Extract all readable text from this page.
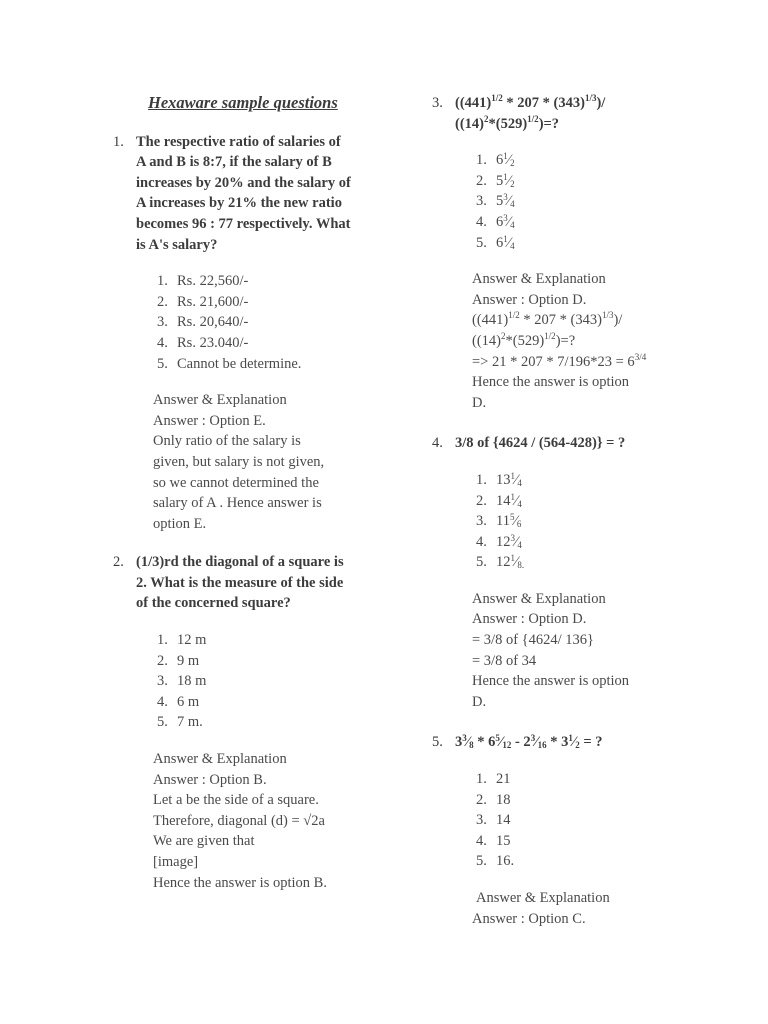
Hexaware sample questions
1. The respective ratio of salaries of
A and B is 8:7, if the salary of B
increases by 20% and the salary of
A increases by 21% the new ratio
becomes 96 : 77 respectively. What
is A's salary?
1. Rs. 22,560/-
2. Rs. 21,600/-
3. Rs. 20,640/-
4. Rs. 23.040/-
5. Cannot be determine.
Answer & Explanation
Answer : Option E.
Only ratio of the salary is
given, but salary is not given,
so we cannot determined the
salary of A . Hence answer is
option E.
2. (1/3)rd the diagonal of a square is
2. What is the measure of the side
of the concerned square?
1. 12 m
2. 9 m
3. 18 m
4. 6 m
5. 7 m.
Answer & Explanation
Answer : Option B.
Let a be the side of a square.
Therefore, diagonal (d) = √2a
We are given that
[image]
Hence the answer is option B.
3. $((441)^{1/2} * 207 * (343)^{1/3})/$
$((14)^2*(529)^{1/2})=$?
1. $6^1⁄_2$
2. $5^1⁄_2$
3. $5^3⁄_4$
4. $6^3⁄_4$
5. $6^1⁄_4$
Answer & Explanation
Answer : Option D.
$((441)^{1/2} * 207 * (343)^{1/3})/$
$((14)^2*(529)^{1/2})=$?
=> $21 * 207 * 7/196*23 = 6^{3/4}$
Hence the answer is option
D.
4. 3/8 of {4624 / (564-428)} = ?
1. $13^1⁄_4$
2. $14^1⁄_4$
3. $11^5⁄_6$
4. $12^3⁄_4$
5. $12^1⁄_{8.}$
Answer & Explanation
Answer : Option D.
= 3/8 of {4624/ 136}
= 3/8 of 34
Hence the answer is option
D.
5. $3^3⁄_8$ * $6^5⁄_{12}$ - $2^3⁄_{16}$ * $3^1⁄_2$ = ?
1. 21
2. 18
3. 14
4. 15
5. 16.
Answer & Explanation
Answer : Option C.
